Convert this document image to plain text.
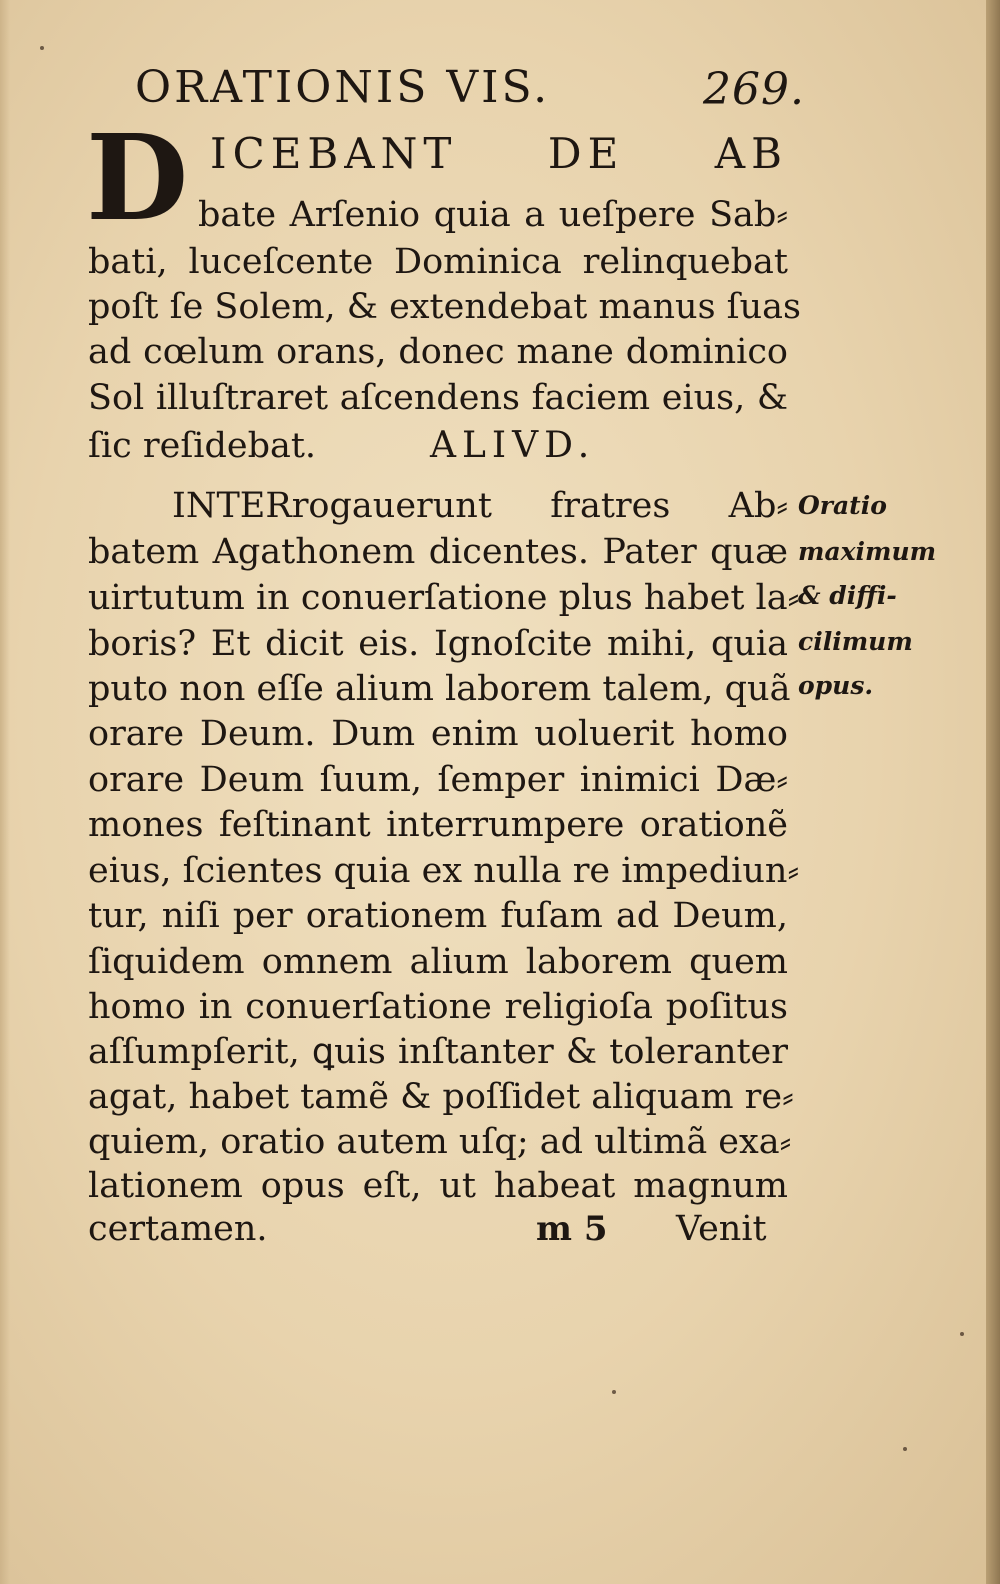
ORATIONIS VIS.	269.
D ICEBANT DE AB
bate Arſenio quia a ueſpere Sab⸗
bati, luceſcente Dominica relinquebat
poſt ſe Solem, & extendebat manus ſuas
ad cœlum orans, donec mane dominico
Sol illuſtraret aſcendens faciem eius, &
ſic reſidebat.	ALIVD.
INTERrogauerunt fratres Ab⸗
batem Agathonem dicentes. Pater quæ
uirtutum in conuerſatione plus habet la⸗
boris? Et dicit eis. Ignoſcite mihi, quia
puto non eſſe alium laborem talem, quã
orare Deum. Dum enim uoluerit homo
orare Deum ſuum, ſemper inimici Dæ⸗
mones feſtinant interrumpere orationẽ
eius, ſcientes quia ex nulla re impediun⸗
tur, niſi per orationem fuſam ad Deum,
ſiquidem omnem alium laborem quem
homo in conuerſatione religioſa poſitus
aſſumpſerit, ꝗuis inſtanter & toleranter
agat, habet tamẽ & poſſidet aliquam re⸗
quiem, oratio autem uſq; ad ultimã exa⸗
lationem opus eſt, ut habeat magnum
certamen.	m 5 Venit
Oratio
maximum
& diffi-
cilimum
opus.
